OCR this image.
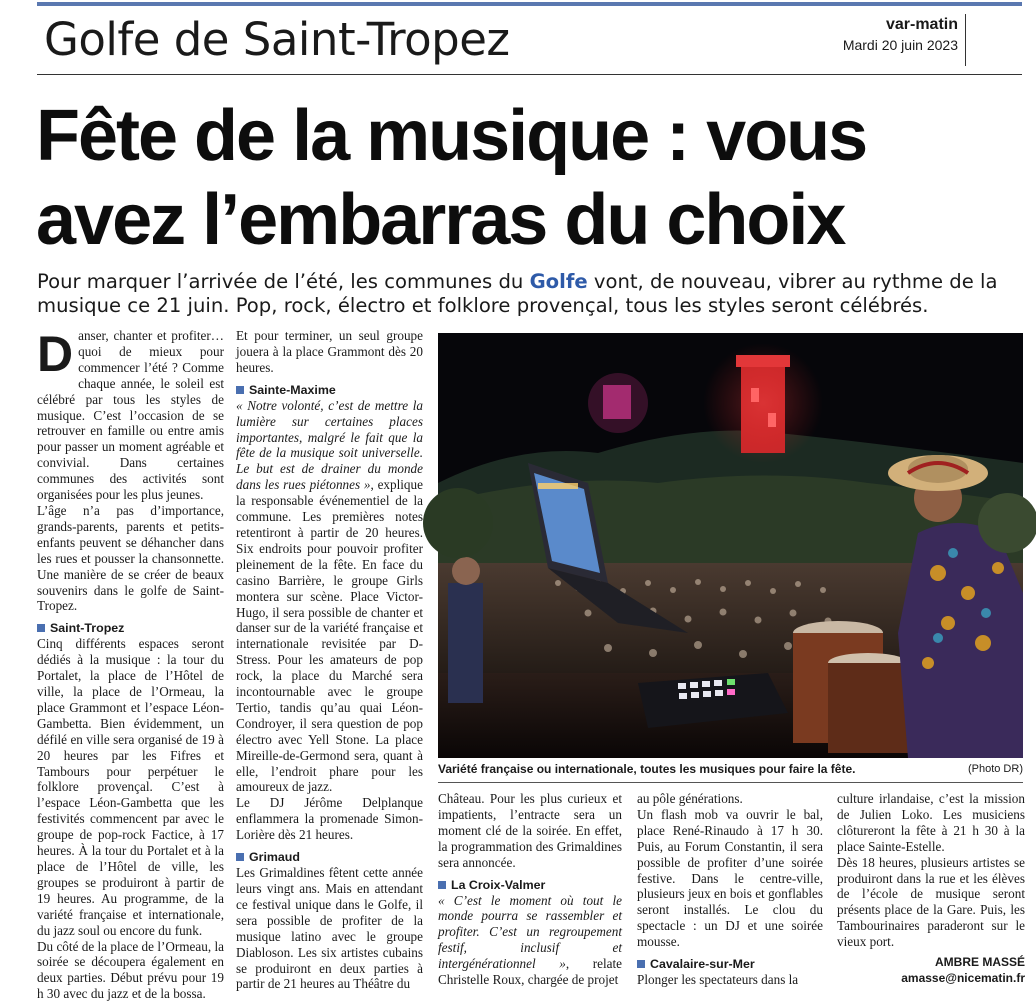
Golfe de Saint-Tropez	var-matin
Mardi 20 juin 2023
Fête de la musique : vous
avez l’embarras du choix

Pour marquer l’arrivée de l’été, les communes du Golfe vont, de nouveau, vibrer au rythme de la musique ce 21 juin. Pop, rock, électro et folklore provençal, tous les styles seront célébrés.

Danser, chanter et profiter… quoi de mieux pour commencer l’été ? Comme chaque année, le soleil est célébré par tous les styles de musique. C’est l’occasion de se retrouver en famille ou entre amis pour passer un moment agréable et convivial. Dans certaines communes des activités sont organisées pour les plus jeunes.

L’âge n’a pas d’importance, grands-parents, parents et petits-enfants peuvent se déhancher dans les rues et pousser la chansonnette. Une manière de se créer de beaux souvenirs dans le golfe de Saint-Tropez.

Saint-Tropez

Cinq différents espaces seront dédiés à la musique : la tour du Portalet, la place de l’Hôtel de ville, la place de l’Ormeau, la place Grammont et l’espace Léon-Gambetta. Bien évidemment, un défilé en ville sera organisé de 19 à 20 heures par les Fifres et Tambours pour perpétuer le folklore provençal. C’est à l’espace Léon-Gambetta que les festivités commencent par avec le groupe de pop-rock Factice, à 17 heures. À la tour du Portalet et à la place de l’Hôtel de ville, les groupes se produiront à partir de 19 heures. Au programme, de la variété française et internationale, du jazz soul ou encore du funk.

Du côté de la place de l’Ormeau, la soirée se découpera également en deux parties. Début prévu pour 19 h 30 avec du jazz et de la bossa.

Et pour terminer, un seul groupe jouera à la place Grammont dès 20 heures.

Sainte-Maxime

« Notre volonté, c’est de mettre la lumière sur certaines places importantes, malgré le fait que la fête de la musique soit universelle. Le but est de drainer du monde dans les rues piétonnes », explique la responsable événementiel de la commune. Les premières notes retentiront à partir de 20 heures. Six endroits pour pouvoir profiter pleinement de la fête. En face du casino Barrière, le groupe Girls montera sur scène. Place Victor-Hugo, il sera possible de chanter et danser sur de la variété française et internationale revisitée par D-Stress. Pour les amateurs de pop rock, la place du Marché sera incontournable avec le groupe Tertio, tandis qu’au quai Léon-Condroyer, il sera question de pop électro avec Yell Stone. La place Mireille-de-Germond sera, quant à elle, l’endroit phare pour les amoureux de jazz.

Le DJ Jérôme Delplanque enflammera la promenade Simon-Lorière dès 21 heures.

Grimaud

Les Grimaldines fêtent cette année leurs vingt ans. Mais en attendant ce festival unique dans le Golfe, il sera possible de profiter de la musique latino avec le groupe Diabloson. Les six artistes cubains se produiront en deux parties à partir de 21 heures au Théâtre du

Variété française ou internationale, toutes les musiques pour faire la fête.	(Photo DR)

Château. Pour les plus curieux et impatients, l’entracte sera un moment clé de la soirée. En effet, la programmation des Grimaldines sera annoncée.

La Croix-Valmer

« C’est le moment où tout le monde pourra se rassembler et profiter. C’est un regroupement festif, inclusif et intergénérationnel », relate Christelle Roux, chargée de projet

au pôle générations.

Un flash mob va ouvrir le bal, place René-Rinaudo à 17 h 30. Puis, au Forum Constantin, il sera possible de profiter d’une soirée festive. Dans le centre-ville, plusieurs jeux en bois et gonflables seront installés. Le clou du spectacle : un DJ et une soirée mousse.

Cavalaire-sur-Mer

Plonger les spectateurs dans la

culture irlandaise, c’est la mission de Julien Loko. Les musiciens clôtureront la fête à 21 h 30 à la place Sainte-Estelle.

Dès 18 heures, plusieurs artistes se produiront dans la rue et les élèves de l’école de musique seront présents place de la Gare. Puis, les Tambourinaires paraderont sur le vieux port.

AMBRE MASSÉ
amasse@nicematin.fr
